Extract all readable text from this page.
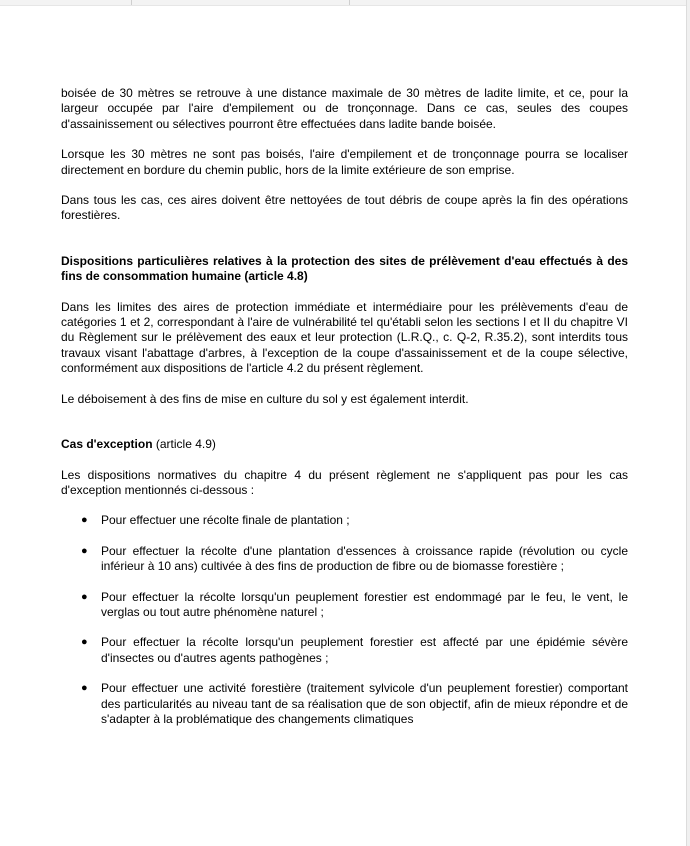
boisée de 30 mètres se retrouve à une distance maximale de 30 mètres de ladite limite, et ce, pour la largeur occupée par l'aire d'empilement ou de tronçonnage. Dans ce cas, seules des coupes d'assainissement ou sélectives pourront être effectuées dans ladite bande boisée.

Lorsque les 30 mètres ne sont pas boisés, l'aire d'empilement et de tronçonnage pourra se localiser directement en bordure du chemin public, hors de la limite extérieure de son emprise.

Dans tous les cas, ces aires doivent être nettoyées de tout débris de coupe après la fin des opérations forestières.

Dispositions particulières relatives à la protection des sites de prélèvement d'eau effectués à des fins de consommation humaine (article 4.8)

Dans les limites des aires de protection immédiate et intermédiaire pour les prélèvements d'eau de catégories 1 et 2, correspondant à l'aire de vulnérabilité tel qu'établi selon les sections I et II du chapitre VI du Règlement sur le prélèvement des eaux et leur protection (L.R.Q., c. Q-2, R.35.2), sont interdits tous travaux visant l'abattage d'arbres, à l'exception de la coupe d'assainissement et de la coupe sélective, conformément aux dispositions de l'article 4.2 du présent règlement.

Le déboisement à des fins de mise en culture du sol y est également interdit.

Cas d'exception (article 4.9)

Les dispositions normatives du chapitre 4 du présent règlement ne s'appliquent pas pour les cas d'exception mentionnés ci-dessous :

● Pour effectuer une récolte finale de plantation ;
● Pour effectuer la récolte d'une plantation d'essences à croissance rapide (révolution ou cycle inférieur à 10 ans) cultivée à des fins de production de fibre ou de biomasse forestière ;
● Pour effectuer la récolte lorsqu'un peuplement forestier est endommagé par le feu, le vent, le verglas ou tout autre phénomène naturel ;
● Pour effectuer la récolte lorsqu'un peuplement forestier est affecté par une épidémie sévère d'insectes ou d'autres agents pathogènes ;
● Pour effectuer une activité forestière (traitement sylvicole d'un peuplement forestier) comportant des particularités au niveau tant de sa réalisation que de son objectif, afin de mieux répondre et de s'adapter à la problématique des changements climatiques
